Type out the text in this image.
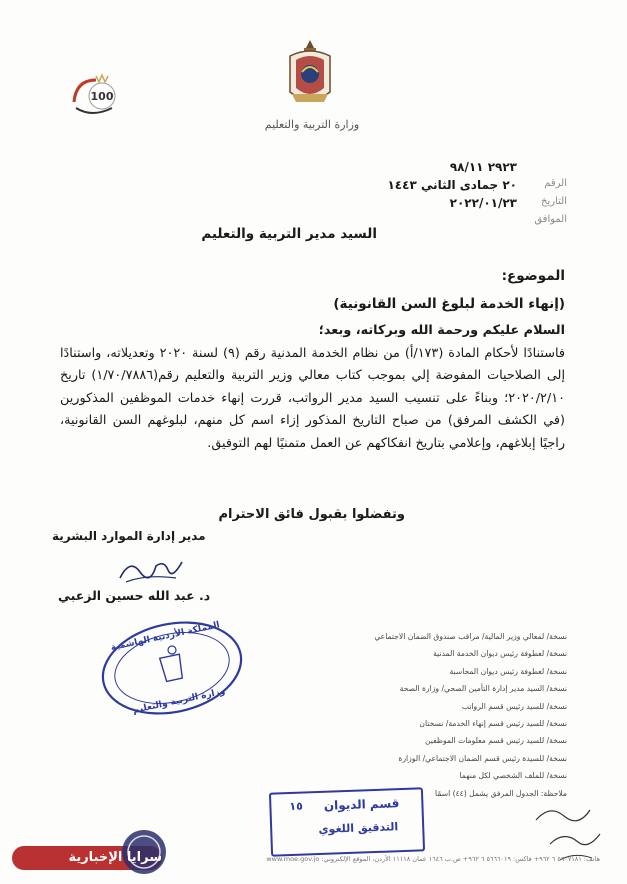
وزارة التربية والتعليم
100
٢٩٢٣ ٩٨/١١
الرقم
٢٠ جمادى الثاني ١٤٤٣
التاريخ
٢٠٢٢/٠١/٢٣
الموافق
السيد مدير التربية والتعليم
الموضوع:
(إنهاء الخدمة لبلوغ السن القانونية)

السلام عليكم ورحمة الله وبركاته، وبعد؛

فاستنادًا لأحكام المادة (١٧٣/أ) من نظام الخدمة المدنية رقم (٩) لسنة ٢٠٢٠ وتعديلاته، واستنادًا إلى الصلاحيات المفوضة إلي بموجب كتاب معالي وزير التربية والتعليم رقم(١/٧٠/٧٨٨٦) تاريخ ٢٠٢٠/٢/١٠؛ وبناءً على تنسيب السيد مدير الرواتب، قررت إنهاء خدمات الموظفين المذكورين (في الكشف المرفق) من صباح التاريخ المذكور إزاء اسم كل منهم، لبلوغهم السن القانونية، راجيًا إبلاغهم، وإعلامي بتاريخ انفكاكهم عن العمل متمنيًا لهم التوفيق.

وتفضلوا بقبول فائق الاحترام
مدير إدارة الموارد البشرية
د. عبد الله حسين الزعبي
المملكة الأردنية الهاشمية
وزارة التربية والتعليم
نسخة/ لمعالي وزير المالية/ مراقب صندوق الضمان الاجتماعي
نسخة/ لعطوفة رئيس ديوان الخدمة المدنية
نسخة/ لعطوفة رئيس ديوان المحاسبة
نسخة/ السيد مدير إدارة التأمين الصحي/ وزارة الصحة
نسخة/ للسيد رئيس قسم الرواتب
نسخة/ للسيد رئيس قسم إنهاء الخدمة/ نسختان
نسخة/ للسيد رئيس قسم معلومات الموظفين
نسخة/ للسيدة رئيس قسم الضمان الاجتماعي/ الوزارة
نسخة/ للملف الشخصي لكل منهما
ملاحظة: الجدول المرفق يشمل (٤٤) اسمًا
١٥ قسم الديوان
التدقيق اللغوي
هاتف: ٥٦٠٧١٨١ ٦ ٩٦٢+ فاكس: ٥٦٦٦٠١٩ ٦ ٩٦٢+ ص.ب ١٦٤٦ عمان ١١١١٨ الأردن، الموقع الإلكتروني: www.moe.gov.jo
وكالة أنباء
سرايا الإخبارية
